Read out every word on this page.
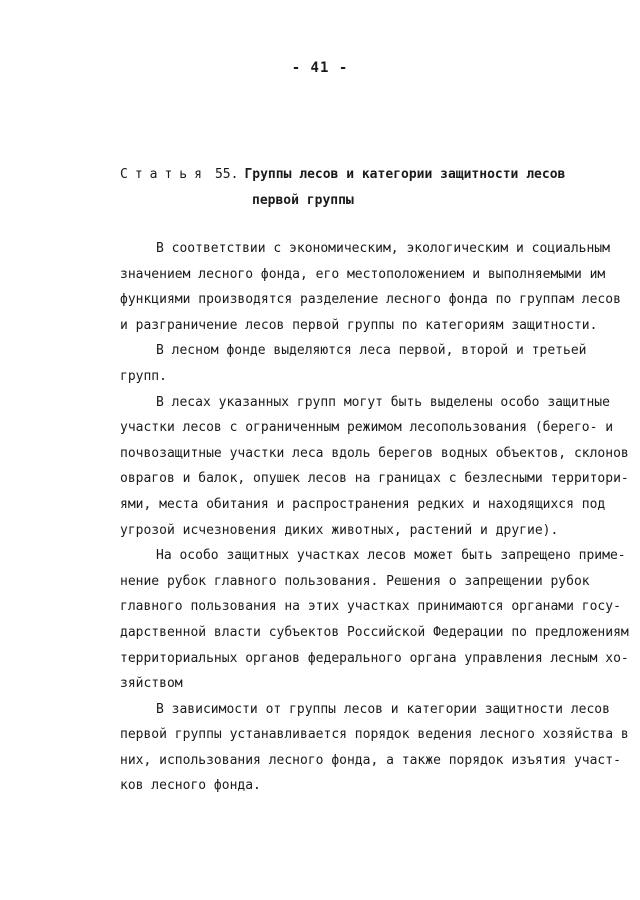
- 41 -
Статья 55. Группы лесов и категории защитности лесов
первой группы

В соответствии с экономическим, экологическим и социальным
значением лесного фонда, его местоположением и выполняемыми им
функциями производятся разделение лесного фонда по группам лесов
и разграничение лесов первой группы по категориям защитности.

В лесном фонде выделяются леса первой, второй и третьей
групп.

В лесах указанных групп могут быть выделены особо защитные
участки лесов с ограниченным режимом лесопользования (берего- и
почвозащитные участки леса вдоль берегов водных объектов, склонов
оврагов и балок, опушек лесов на границах с безлесными территори-
ями, места обитания и распространения редких и находящихся под
угрозой исчезновения диких животных, растений и другие).

На особо защитных участках лесов может быть запрещено приме-
нение рубок главного пользования. Решения о запрещении рубок
главного пользования на этих участках принимаются органами госу-
дарственной власти субъектов Российской Федерации по предложениям
территориальных органов федерального органа управления лесным хо-
зяйством

В зависимости от группы лесов и категории защитности лесов
первой группы устанавливается порядок ведения лесного хозяйства в
них, использования лесного фонда, а также порядок изъятия участ-
ков лесного фонда.
